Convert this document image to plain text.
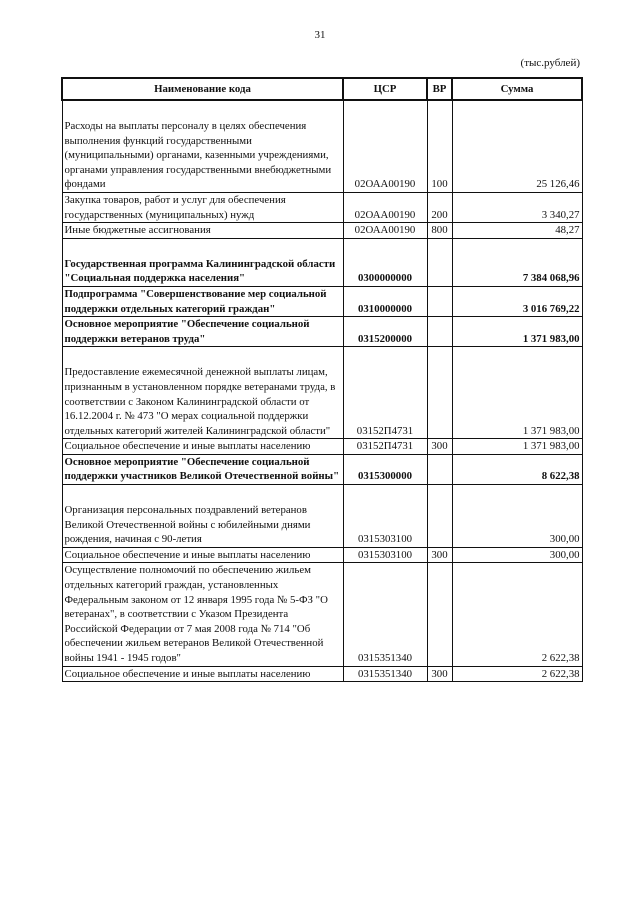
31
(тыс.рублей)
Наименование кода	ЦСР	ВР	Сумма
Расходы на выплаты персоналу в целях обеспечения выполнения функций государственными (муниципальными) органами, казенными учреждениями, органами управления государственными внебюджетными фондами	02ОАА00190	100	25 126,46
Закупка товаров, работ и услуг для обеспечения государственных (муниципальных) нужд	02ОАА00190	200	3 340,27
Иные бюджетные ассигнования	02ОАА00190	800	48,27
Государственная программа Калининградской области "Социальная поддержка населения"	0300000000		7 384 068,96
Подпрограмма "Совершенствование мер социальной поддержки отдельных категорий граждан"	0310000000		3 016 769,22
Основное мероприятие "Обеспечение социальной поддержки ветеранов труда"	0315200000		1 371 983,00
Предоставление ежемесячной денежной выплаты лицам, признанным в установленном порядке ветеранами труда, в соответствии с Законом Калининградской области от 16.12.2004 г. № 473 "О мерах социальной поддержки отдельных категорий жителей Калининградской области"	03152П4731		1 371 983,00
Социальное обеспечение и иные выплаты населению	03152П4731	300	1 371 983,00
Основное мероприятие "Обеспечение социальной поддержки участников Великой Отечественной войны"	0315300000		8 622,38
Организация персональных поздравлений ветеранов Великой Отечественной войны с юбилейными днями рождения, начиная с 90-летия	0315303100		300,00
Социальное обеспечение и иные выплаты населению	0315303100	300	300,00
Осуществление полномочий по обеспечению жильем отдельных категорий граждан, установленных Федеральным законом от 12 января 1995 года № 5-ФЗ "О ветеранах", в соответствии с Указом Президента Российской Федерации от 7 мая 2008 года № 714 "Об обеспечении жильем ветеранов Великой Отечественной войны 1941 - 1945 годов"	0315351340		2 622,38
Социальное обеспечение и иные выплаты населению	0315351340	300	2 622,38
